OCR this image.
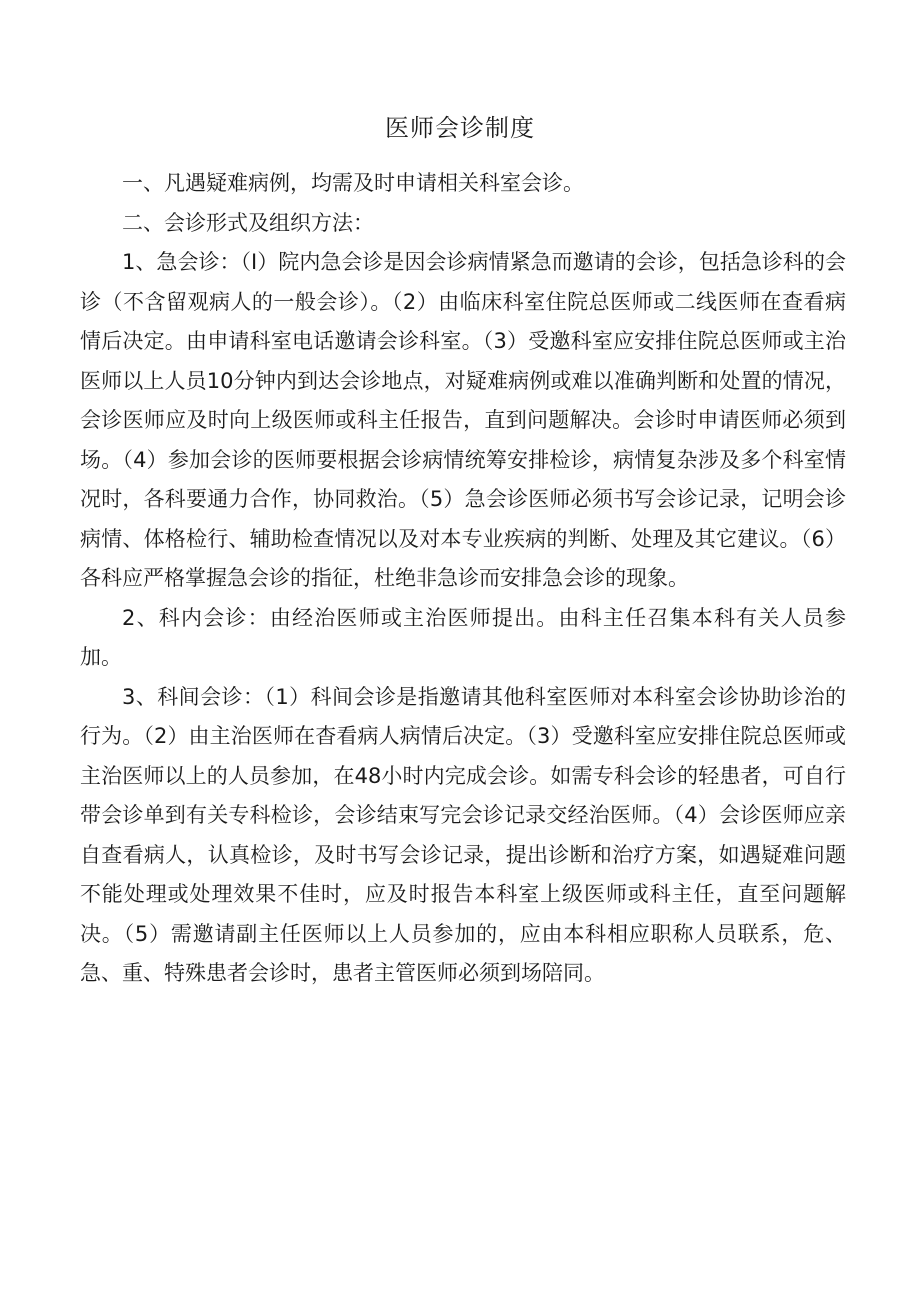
医师会诊制度

一、凡遇疑难病例，均需及时申请相关科室会诊。

二、会诊形式及组织方法：

1、急会诊：（I）院内急会诊是因会诊病情紧急而邀请的会诊，包括急诊科的会诊（不含留观病人的一般会诊）。（2）由临床科室住院总医师或二线医师在查看病情后决定。由申请科室电话邀请会诊科室。（3）受邀科室应安排住院总医师或主治医师以上人员10分钟内到达会诊地点，对疑难病例或难以准确判断和处置的情况，会诊医师应及时向上级医师或科主任报告，直到问题解决。会诊时申请医师必须到场。（4）参加会诊的医师要根据会诊病情统筹安排检诊，病情复杂涉及多个科室情况时，各科要通力合作，协同救治。（5）急会诊医师必须书写会诊记录，记明会诊病情、体格检行、辅助检查情况以及对本专业疾病的判断、处理及其它建议。（6）各科应严格掌握急会诊的指征，杜绝非急诊而安排急会诊的现象。

2、科内会诊：由经治医师或主治医师提出。由科主任召集本科有关人员参加。

3、科间会诊：（1）科间会诊是指邀请其他科室医师对本科室会诊协助诊治的行为。（2）由主治医师在杳看病人病情后决定。（3）受邀科室应安排住院总医师或主治医师以上的人员参加，在48小时内完成会诊。如需专科会诊的轻患者，可自行带会诊单到有关专科检诊，会诊结束写完会诊记录交经治医师。（4）会诊医师应亲自查看病人，认真检诊，及时书写会诊记录，提出诊断和治疗方案，如遇疑难问题不能处理或处理效果不佳时，应及时报告本科室上级医师或科主任，直至问题解决。（5）需邀请副主任医师以上人员参加的，应由本科相应职称人员联系，危、急、重、特殊患者会诊时，患者主管医师必须到场陪同。
